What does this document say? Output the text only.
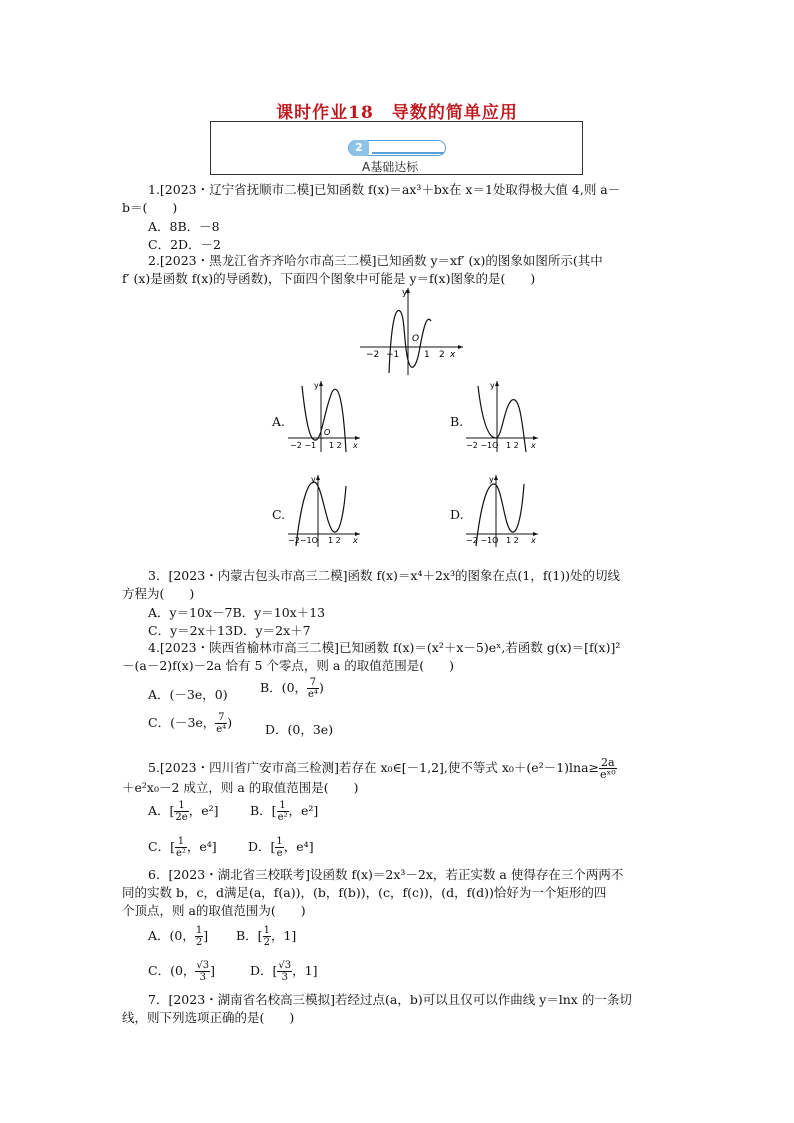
课时作业18　导数的简单应用
2
A基础达标
1.[2023・辽宁省抚顺市二模]已知函数 f(x)＝ax³＋bx在 x＝1处取得极大值 4,则 a－
b＝(　　)
A．8B．－8
C．2D．－2
2.[2023・黑龙江省齐齐哈尔市高三二模]已知函数 y＝xf′ (x)的图象如图所示(其中
f′ (x)是函数 f(x)的导函数)，下面四个图象中可能是 y＝f(x)图象的是(　　)
y
x
O
−2 −1	1 2
A.
y
O
−2 −1 1 2 x
B.
y
−2 −1O 1 2 x
C.
y
−2−1O 1 2 x
D.
y
−2 −1O 1 2 x
3．[2023・内蒙古包头市高三二模]函数 f(x)＝x⁴＋2x³的图象在点(1，f(1))处的切线
方程为(　　)
A．y＝10x－7B．y＝10x＋13
C．y＝2x＋13D．y＝2x＋7
4.[2023・陕西省榆林市高三二模]已知函数 f(x)＝(x²＋x－5)eˣ,若函数 g(x)＝[f(x)]²
－(a－2)f(x)－2a 恰有 5 个零点，则 a 的取值范围是(　　)
A．(－3e，0)	B．(0， $\frac{7}{\text{e⁴}}$ )
C．(－3e， $\frac{7}{\text{e⁴}}$ )	D．(0，3e)
5.[2023・四川省广安市高三检测]若存在 x₀∈[－1,2],使不等式 $x_0+(e^2-1)\ln a\ge \frac{2a}{\text{eˣ⁰}}$
＋e²x₀－2 成立，则 a 的取值范围是(　　)
A．[ $\frac{1}{2e}$ ，e²]	B．[ $\frac{1}{\text{e²}}$ ，e²]
C．[ $\frac{1}{\text{e²}}$ ，e⁴]	D．[ $\frac{1}{e}$ ，e⁴]
6．[2023・湖北省三校联考]设函数 f(x)＝2x³－2x，若正实数 a 使得存在三个两两不
同的实数 b，c，d满足(a，f(a))，(b，f(b))，(c，f(c))，(d，f(d))恰好为一个矩形的四
个顶点，则 a的取值范围为(　　)
A．(0， $\frac{1}{2}$ ] B．[ $\frac{1}{2}$ ，1]
C．(0， $\frac{√3}{3}$ ]	D．[ $\frac{√3}{3}$ ，1]
7．[2023・湖南省名校高三模拟]若经过点(a，b)可以且仅可以作曲线 y＝lnx 的一条切
线，则下列选项正确的是(　　)
